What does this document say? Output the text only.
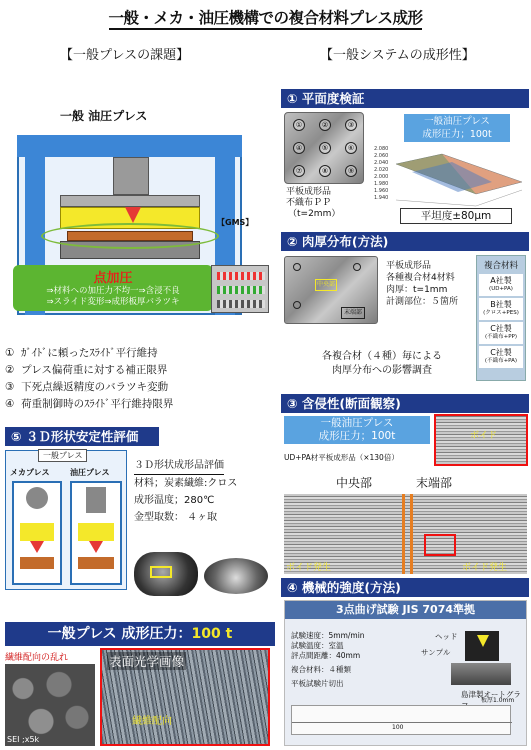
一般・メカ・油圧機構での複合材料プレス成形
【一般プレスの課題】	【一般システムの成形性】
一般 油圧プレス
点加圧
⇒材料への加圧力不均一⇒含浸不良
⇒スライド変形⇒成形板厚バラツキ
【GMS】
① ｶﾞｲﾄﾞに頼ったｽﾗｲﾄﾞ平行維持
② プレス偏荷重に対する補正限界
③ 下死点繰返精度のバラツキ変動
④ 荷重制御時のｽﾗｲﾄﾞ平行維持限界
⑤ ３Ｄ形状安定性評価
一般プレス
メカプレス	油圧プレス
３Ｄ形状成形品評価
材料；炭素繊維:クロス
成形温度；280℃
金型取数： ４ヶ取
一般プレス 成形圧力：100 t
繊維配向の乱れ
SEI ;x5k
表面光学画像
繊維配向
① 平面度検証
①	②	③
④	⑤	⑥
⑦	⑧	⑨
平板成形品
不織布ＰＰ
（t=2mm）
一般油圧プレス
成形圧力；100t
2.080
2.060
2.040
2.020
2.000
1.980
1.960
1.940
平坦度±80μm
② 肉厚分布(方法)
中央部
末端部
平板成形品
各種複合材4材料
肉厚：t=1mm
計測部位：５箇所
複合材料
A社製
(UD+PA)
B社製
(クロス+PES)
C社製
(不織布+PP)
C社製
(不織布+PA)
各複合材（４種）毎による
肉厚分布への影響調査
③ 含侵性(断面観察)
一般油圧プレス
成形圧力；100t	ボイド
UD+PA材平板成形品（×130倍）
中央部	末端部
ボイド発生	ボイド発生
④ 機械的強度(方法)
3点曲げ試験 JIS 7074準拠
試験速度：5mm/min
試験温度：室温
評点間距離：40mm
複合材料：４種類
平板試験片切出
ヘッド
サンプル
島津製オートグラ
100
板厚1.0mm
